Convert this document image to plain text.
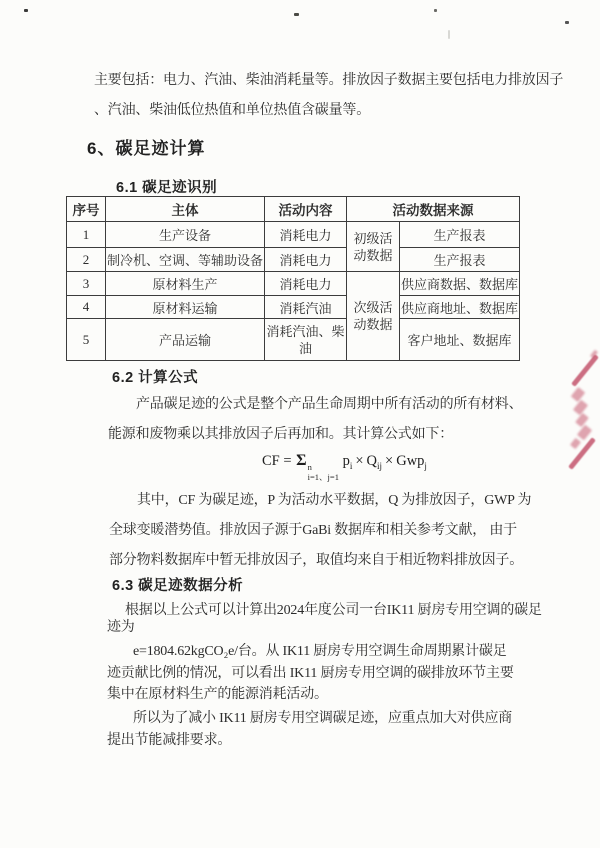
主要包括：电力、汽油、柴油消耗量等。排放因子数据主要包括电力排放因子
、汽油、柴油低位热值和单位热值含碳量等。
6、碳足迹计算
6.1 碳足迹识别
序号	主体	活动内容	活动数据来源	
1	生产设备	消耗电力	初级活动数据	生产报表
2	制冷机、空调、等辅助设备	消耗电力		生产报表
3	原材料生产	消耗电力	次级活动数据	供应商数据、数据库
4	原材料运输	消耗汽油		供应商地址、数据库
5	产品运输	消耗汽油、柴油		客户地址、数据库
6.2 计算公式
产品碳足迹的公式是整个产品生命周期中所有活动的所有材料、
能源和废物乘以其排放因子后再加和。其计算公式如下：
CF = Σ n
i=1、j=1
$p_i \times Q_{ij} \times Gwp_j$
其中，CF 为碳足迹，P 为活动水平数据，Q 为排放因子，GWP 为
全球变暖潜势值。排放因子源于GaBi 数据库和相关参考文献， 由于
部分物料数据库中暂无排放因子，取值均来自于相近物料排放因子。
6.3 碳足迹数据分析
根据以上公式可以计算出2024年度公司一台IK11 厨房专用空调的碳足
迹为
e=1804.62kgCO₂e/台。从 IK11 厨房专用空调生命周期累计碳足
迹贡献比例的情况，可以看出 IK11 厨房专用空调的碳排放环节主要
集中在原材料生产的能源消耗活动。
所以为了减小 IK11 厨房专用空调碳足迹，应重点加大对供应商
提出节能减排要求。
